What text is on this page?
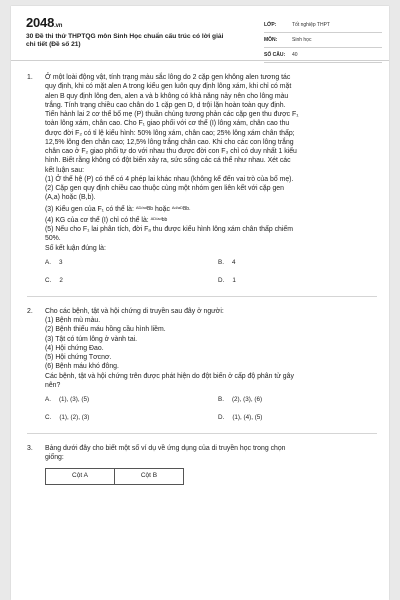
2048.vn
30 Đề thi thử THPTQG môn Sinh Học chuẩn cấu trúc có lời giải chi tiết (Đề số 21)
LỚP:	Tốt nghiệp THPT
MÔN:	Sinh học
SỐ CÂU: 40
1. Ở một loài động vật, tính trạng màu sắc lông do 2 cặp gen không alen tương tác
quy định, khi có mặt alen A trong kiểu gen luôn quy định lông xám, khi chỉ có mặt
alen B quy định lông đen, alen a và b không có khả năng nảy nên cho lông màu
trắng. Tính trạng chiều cao chân do 1 cặp gen D, d trội lặn hoàn toàn quy định.
Tiến hành lai 2 cơ thể bố mẹ (P) thuần chủng tương phản các cặp gen thu được F₁
toàn lông xám, chân cao. Cho F₁ giao phối với cơ thể (I) lông xám, chân cao thu
được đời F₂ có tỉ lệ kiểu hình: 50% lông xám, chân cao; 25% lông xám chân thấp;
12,5% lông đen chân cao; 12,5% lông trắng chân cao. Khi cho các con lông trắng
chân cao ở F₂ giao phối tự do với nhau thu được đời con F₃ chỉ có duy nhất 1 kiểu
hình. Biết rằng không có đột biến xảy ra, sức sống các cá thể như nhau. Xét các
kết luận sau:
(1) Ở thế hệ (P) có thể có 4 phép lai khác nhau (không kể đến vai trò của bố mẹ).
(2) Cặp gen quy định chiều cao thuộc cùng một nhóm gen liên kết với cặp gen
(A,a) hoặc (B,b).
(3) Kiểu gen của F₁ có thể là: $^{AD/ad}$Bb hoặc $^{Ad/aD}$Bb.
(4) KG của cơ thể (I) chỉ có thể là: $^{AD/ad}$bb
(5) Nếu cho F₁ lai phân tích, đời Fₐ thu được kiểu hình lông xám chân thấp chiếm
50%.
Số kết luận đúng là:
A. 3	B. 4
C. 2	D. 1
2. Cho các bệnh, tật và hội chứng di truyền sau đây ở người:
(1) Bệnh mù màu.
(2) Bệnh thiếu máu hồng cầu hình liềm.
(3) Tật có túm lông ở vành tai.
(4) Hội chứng Đao.
(5) Hội chứng Tơcnơ.
(6) Bệnh máu khó đông.
Các bệnh, tật và hội chứng trên được phát hiện do đột biến ở cấp độ phân tử gây
nên?
A. (1), (3), (5)	B. (2), (3), (6)
C. (1), (2), (3)	D. (1), (4), (5)
3. Bảng dưới đây cho biết một số ví dụ về ứng dụng của di truyền học trong chọn
giống:
Cột A	Cột B
